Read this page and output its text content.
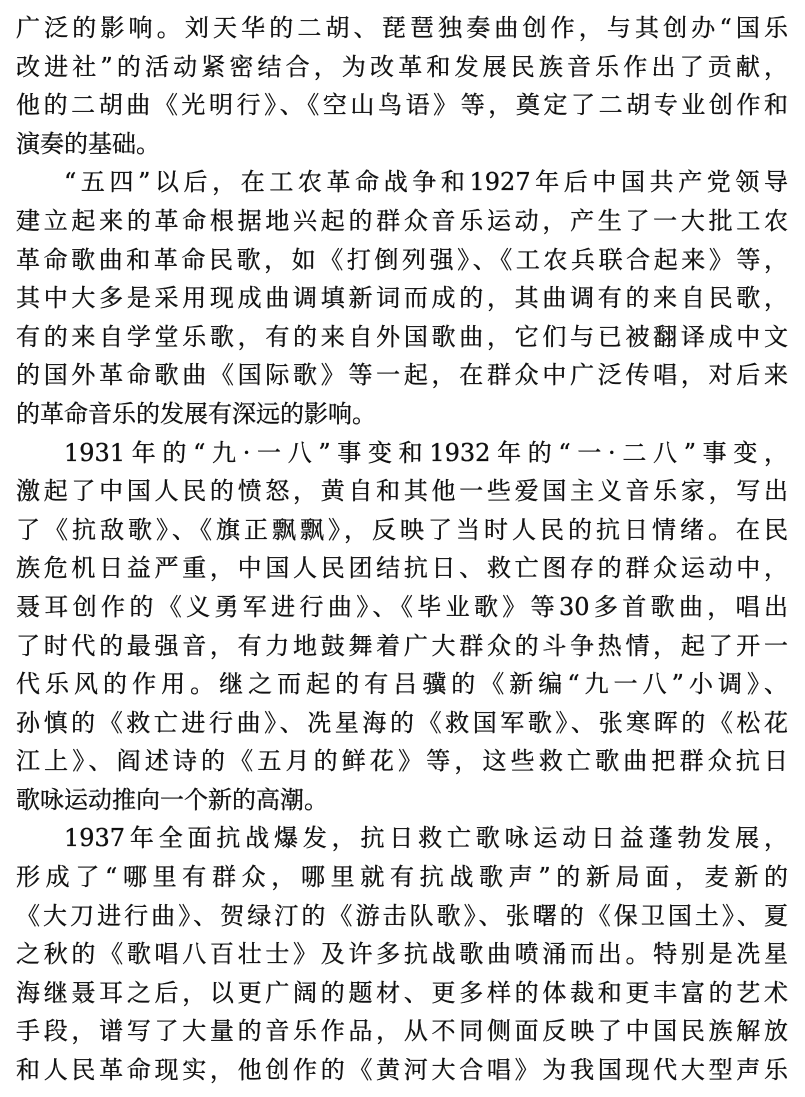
广泛的影响。刘天华的二胡、琵琶独奏曲创作，与其创办“国乐
改进社”的活动紧密结合，为改革和发展民族音乐作出了贡献，
他的二胡曲《光明行》、《空山鸟语》等，奠定了二胡专业创作和
演奏的基础。
“五四”以后，在工农革命战争和1927年后中国共产党领导
建立起来的革命根据地兴起的群众音乐运动，产生了一大批工农
革命歌曲和革命民歌，如《打倒列强》、《工农兵联合起来》等，
其中大多是采用现成曲调填新词而成的，其曲调有的来自民歌，
有的来自学堂乐歌，有的来自外国歌曲，它们与已被翻译成中文
的国外革命歌曲《国际歌》等一起，在群众中广泛传唱，对后来
的革命音乐的发展有深远的影响。
1931年的“九·一八”事变和1932年的“一·二八”事变，
激起了中国人民的愤怒，黄自和其他一些爱国主义音乐家，写出
了《抗敌歌》、《旗正飘飘》，反映了当时人民的抗日情绪。在民
族危机日益严重，中国人民团结抗日、救亡图存的群众运动中，
聂耳创作的《义勇军进行曲》、《毕业歌》等30多首歌曲，唱出
了时代的最强音，有力地鼓舞着广大群众的斗争热情，起了开一
代乐风的作用。继之而起的有吕骥的《新编“九一八”小调》、
孙慎的《救亡进行曲》、冼星海的《救国军歌》、张寒晖的《松花
江上》、阎述诗的《五月的鲜花》等，这些救亡歌曲把群众抗日
歌咏运动推向一个新的高潮。
1937年全面抗战爆发，抗日救亡歌咏运动日益蓬勃发展，
形成了“哪里有群众，哪里就有抗战歌声”的新局面，麦新的
《大刀进行曲》、贺绿汀的《游击队歌》、张曙的《保卫国土》、夏
之秋的《歌唱八百壮士》及许多抗战歌曲喷涌而出。特别是冼星
海继聂耳之后，以更广阔的题材、更多样的体裁和更丰富的艺术
手段，谱写了大量的音乐作品，从不同侧面反映了中国民族解放
和人民革命现实，他创作的《黄河大合唱》为我国现代大型声乐
